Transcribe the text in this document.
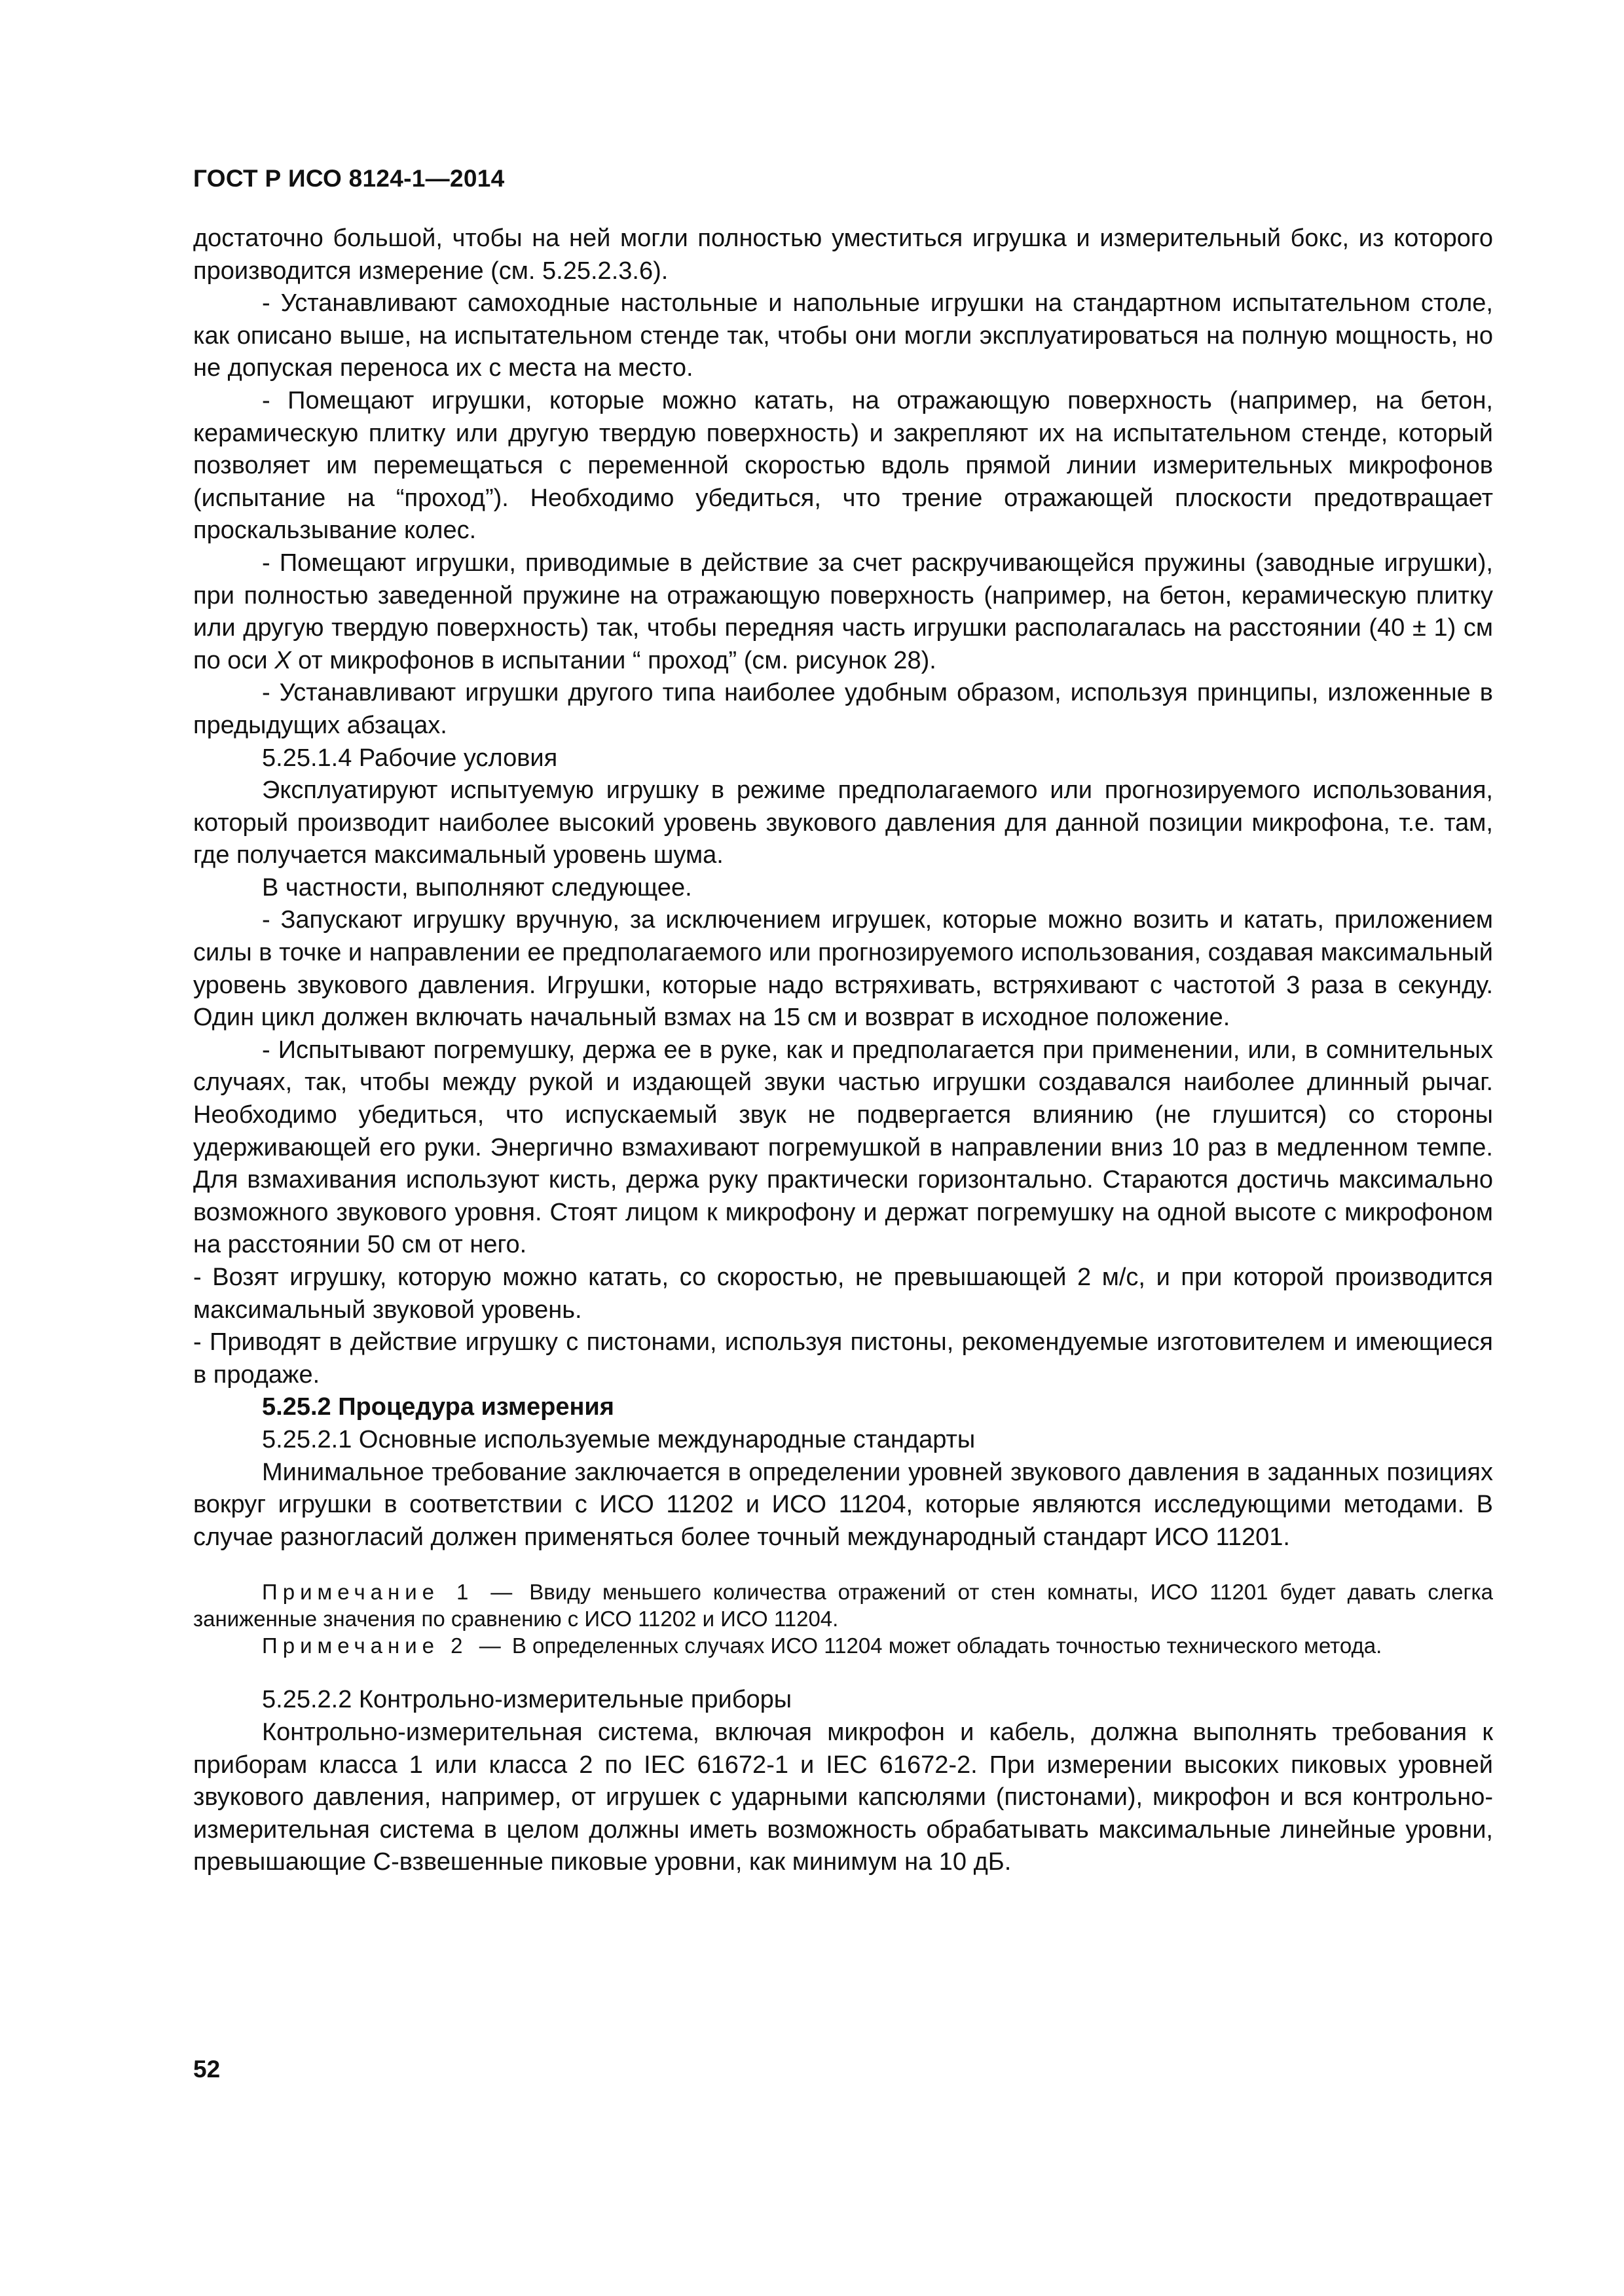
ГОСТ Р ИСО 8124-1—2014

достаточно большой, чтобы на ней могли полностью уместиться игрушка и измерительный бокс, из которого производится измерение (см. 5.25.2.3.6).

- Устанавливают самоходные настольные и напольные игрушки на стандартном испытательном столе, как описано выше, на испытательном стенде так, чтобы они могли эксплуатироваться на полную мощность, но не допуская переноса их с места на место.

- Помещают игрушки, которые можно катать, на отражающую поверхность (например, на бетон, керамическую плитку или другую твердую поверхность) и закрепляют их на испытательном стенде, который позволяет им перемещаться с переменной скоростью вдоль прямой линии измерительных микрофонов (испытание на “проход”). Необходимо убедиться, что трение отражающей плоскости предотвращает проскальзывание колес.

- Помещают игрушки, приводимые в действие за счет раскручивающейся пружины (заводные игрушки), при полностью заведенной пружине на отражающую поверхность (например, на бетон, керамическую плитку или другую твердую поверхность) так, чтобы передняя часть игрушки располагалась на расстоянии (40 ± 1) см по оси X от микрофонов в испытании “ проход” (см. рисунок 28).

- Устанавливают игрушки другого типа наиболее удобным образом, используя принципы, изложенные в предыдущих абзацах.

5.25.1.4 Рабочие условия

Эксплуатируют испытуемую игрушку в режиме предполагаемого или прогнозируемого использования, который производит наиболее высокий уровень звукового давления для данной позиции микрофона, т.е. там, где получается максимальный уровень шума.

В частности, выполняют следующее.

- Запускают игрушку вручную, за исключением игрушек, которые можно возить и катать, приложением силы в точке и направлении ее предполагаемого или прогнозируемого использования, создавая максимальный уровень звукового давления. Игрушки, которые надо встряхивать, встряхивают с частотой 3 раза в секунду. Один цикл должен включать начальный взмах на 15 см и возврат в исходное положение.

- Испытывают погремушку, держа ее в руке, как и предполагается при применении, или, в сомнительных случаях, так, чтобы между рукой и издающей звуки частью игрушки создавался наиболее длинный рычаг. Необходимо убедиться, что испускаемый звук не подвергается влиянию (не глушится) со стороны удерживающей его руки. Энергично взмахивают погремушкой в направлении вниз 10 раз в медленном темпе. Для взмахивания используют кисть, держа руку практически горизонтально. Стараются достичь максимально возможного звукового уровня. Стоят лицом к микрофону и держат погремушку на одной высоте с микрофоном на расстоянии 50 см от него.

- Возят игрушку, которую можно катать, со скоростью, не превышающей 2 м/с, и при которой производится максимальный звуковой уровень.

- Приводят в действие игрушку с пистонами, используя пистоны, рекомендуемые изготовителем и имеющиеся в продаже.

5.25.2 Процедура измерения

5.25.2.1 Основные используемые международные стандарты

Минимальное требование заключается в определении уровней звукового давления в заданных позициях вокруг игрушки в соответствии с ИСО 11202 и ИСО 11204, которые являются исследующими методами. В случае разногласий должен применяться более точный международный стандарт ИСО 11201.

Примечание 1 — Ввиду меньшего количества отражений от стен комнаты, ИСО 11201 будет давать слегка заниженные значения по сравнению с ИСО 11202 и ИСО 11204.

Примечание 2 — В определенных случаях ИСО 11204 может обладать точностью технического метода.

5.25.2.2 Контрольно-измерительные приборы

Контрольно-измерительная система, включая микрофон и кабель, должна выполнять требования к приборам класса 1 или класса 2 по IEC 61672-1 и IEC 61672-2. При измерении высоких пиковых уровней звукового давления, например, от игрушек с ударными капсюлями (пистонами), микрофон и вся контрольно-измерительная система в целом должны иметь возможность обрабатывать максимальные линейные уровни, превышающие С-взвешенные пиковые уровни, как минимум на 10 дБ.

52
